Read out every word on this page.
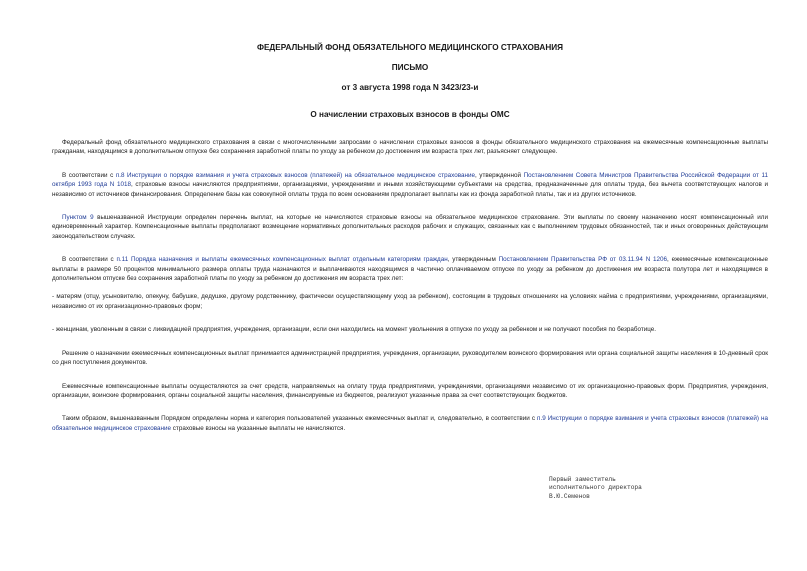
ФЕДЕРАЛЬНЫЙ ФОНД ОБЯЗАТЕЛЬНОГО МЕДИЦИНСКОГО СТРАХОВАНИЯ
ПИСЬМО
от 3 августа 1998 года N 3423/23-и
О начислении страховых взносов в фонды ОМС

Федеральный фонд обязательного медицинского страхования в связи с многочисленными запросами о начислении страховых взносов в фонды обязательного медицинского страхования на ежемесячные компенсационные выплаты гражданам, находящимся в дополнительном отпуске без сохранения заработной платы по уходу за ребенком до достижения им возраста трех лет, разъясняет следующее.

В соответствии с п.8 Инструкции о порядке взимания и учета страховых взносов (платежей) на обязательное медицинское страхование, утвержденной Постановлением Совета Министров Правительства Российской Федерации от 11 октября 1993 года N 1018, страховые взносы начисляются предприятиями, организациями, учреждениями и иными хозяйствующими субъектами на средства, предназначенные для оплаты труда, без вычета соответствующих налогов и независимо от источников финансирования. Определение базы как совокупной оплаты труда по всем основаниям предполагает выплаты как из фонда заработной платы, так и из других источников.

Пунктом 9 вышеназванной Инструкции определен перечень выплат, на которые не начисляются страховые взносы на обязательное медицинское страхование. Эти выплаты по своему назначению носят компенсационный или единовременный характер. Компенсационные выплаты предполагают возмещение нормативных дополнительных расходов рабочих и служащих, связанных как с выполнением трудовых обязанностей, так и иных оговоренных действующим законодательством случаях.

В соответствии с п.11 Порядка назначения и выплаты ежемесячных компенсационных выплат отдельным категориям граждан, утвержденным Постановлением Правительства РФ от 03.11.94 N 1206, ежемесячные компенсационные выплаты в размере 50 процентов минимального размера оплаты труда назначаются и выплачиваются находящимся в частично оплачиваемом отпуске по уходу за ребенком до достижения им возраста полутора лет и находящимся в дополнительном отпуске без сохранения заработной платы по уходу за ребенком до достижения им возраста трех лет:

- матерям (отцу, усыновителю, опекуну, бабушке, дедушке, другому родственнику, фактически осуществляющему уход за ребенком), состоящим в трудовых отношениях на условиях найма с предприятиями, учреждениями, организациями, независимо от их организационно-правовых форм;

- женщинам, уволенным в связи с ликвидацией предприятия, учреждения, организации, если они находились на момент увольнения в отпуске по уходу за ребенком и не получают пособия по безработице.

Решение о назначении ежемесячных компенсационных выплат принимается администрацией предприятия, учреждения, организации, руководителем воинского формирования или органа социальной защиты населения в 10-дневный срок со дня поступления документов.

Ежемесячные компенсационные выплаты осуществляются за счет средств, направляемых на оплату труда предприятиями, учреждениями, организациями независимо от их организационно-правовых форм. Предприятия, учреждения, организации, воинские формирования, органы социальной защиты населения, финансируемые из бюджетов, реализуют указанные права за счет соответствующих бюджетов.

Таким образом, вышеназванным Порядком определены норма и категория пользователей указанных ежемесячных выплат и, следовательно, в соответствии с п.9 Инструкции о порядке взимания и учета страховых взносов (платежей) на обязательное медицинское страхование страховые взносы на указанные выплаты не начисляются.

Первый заместитель
исполнительного директора
В.Ю.Семенов
